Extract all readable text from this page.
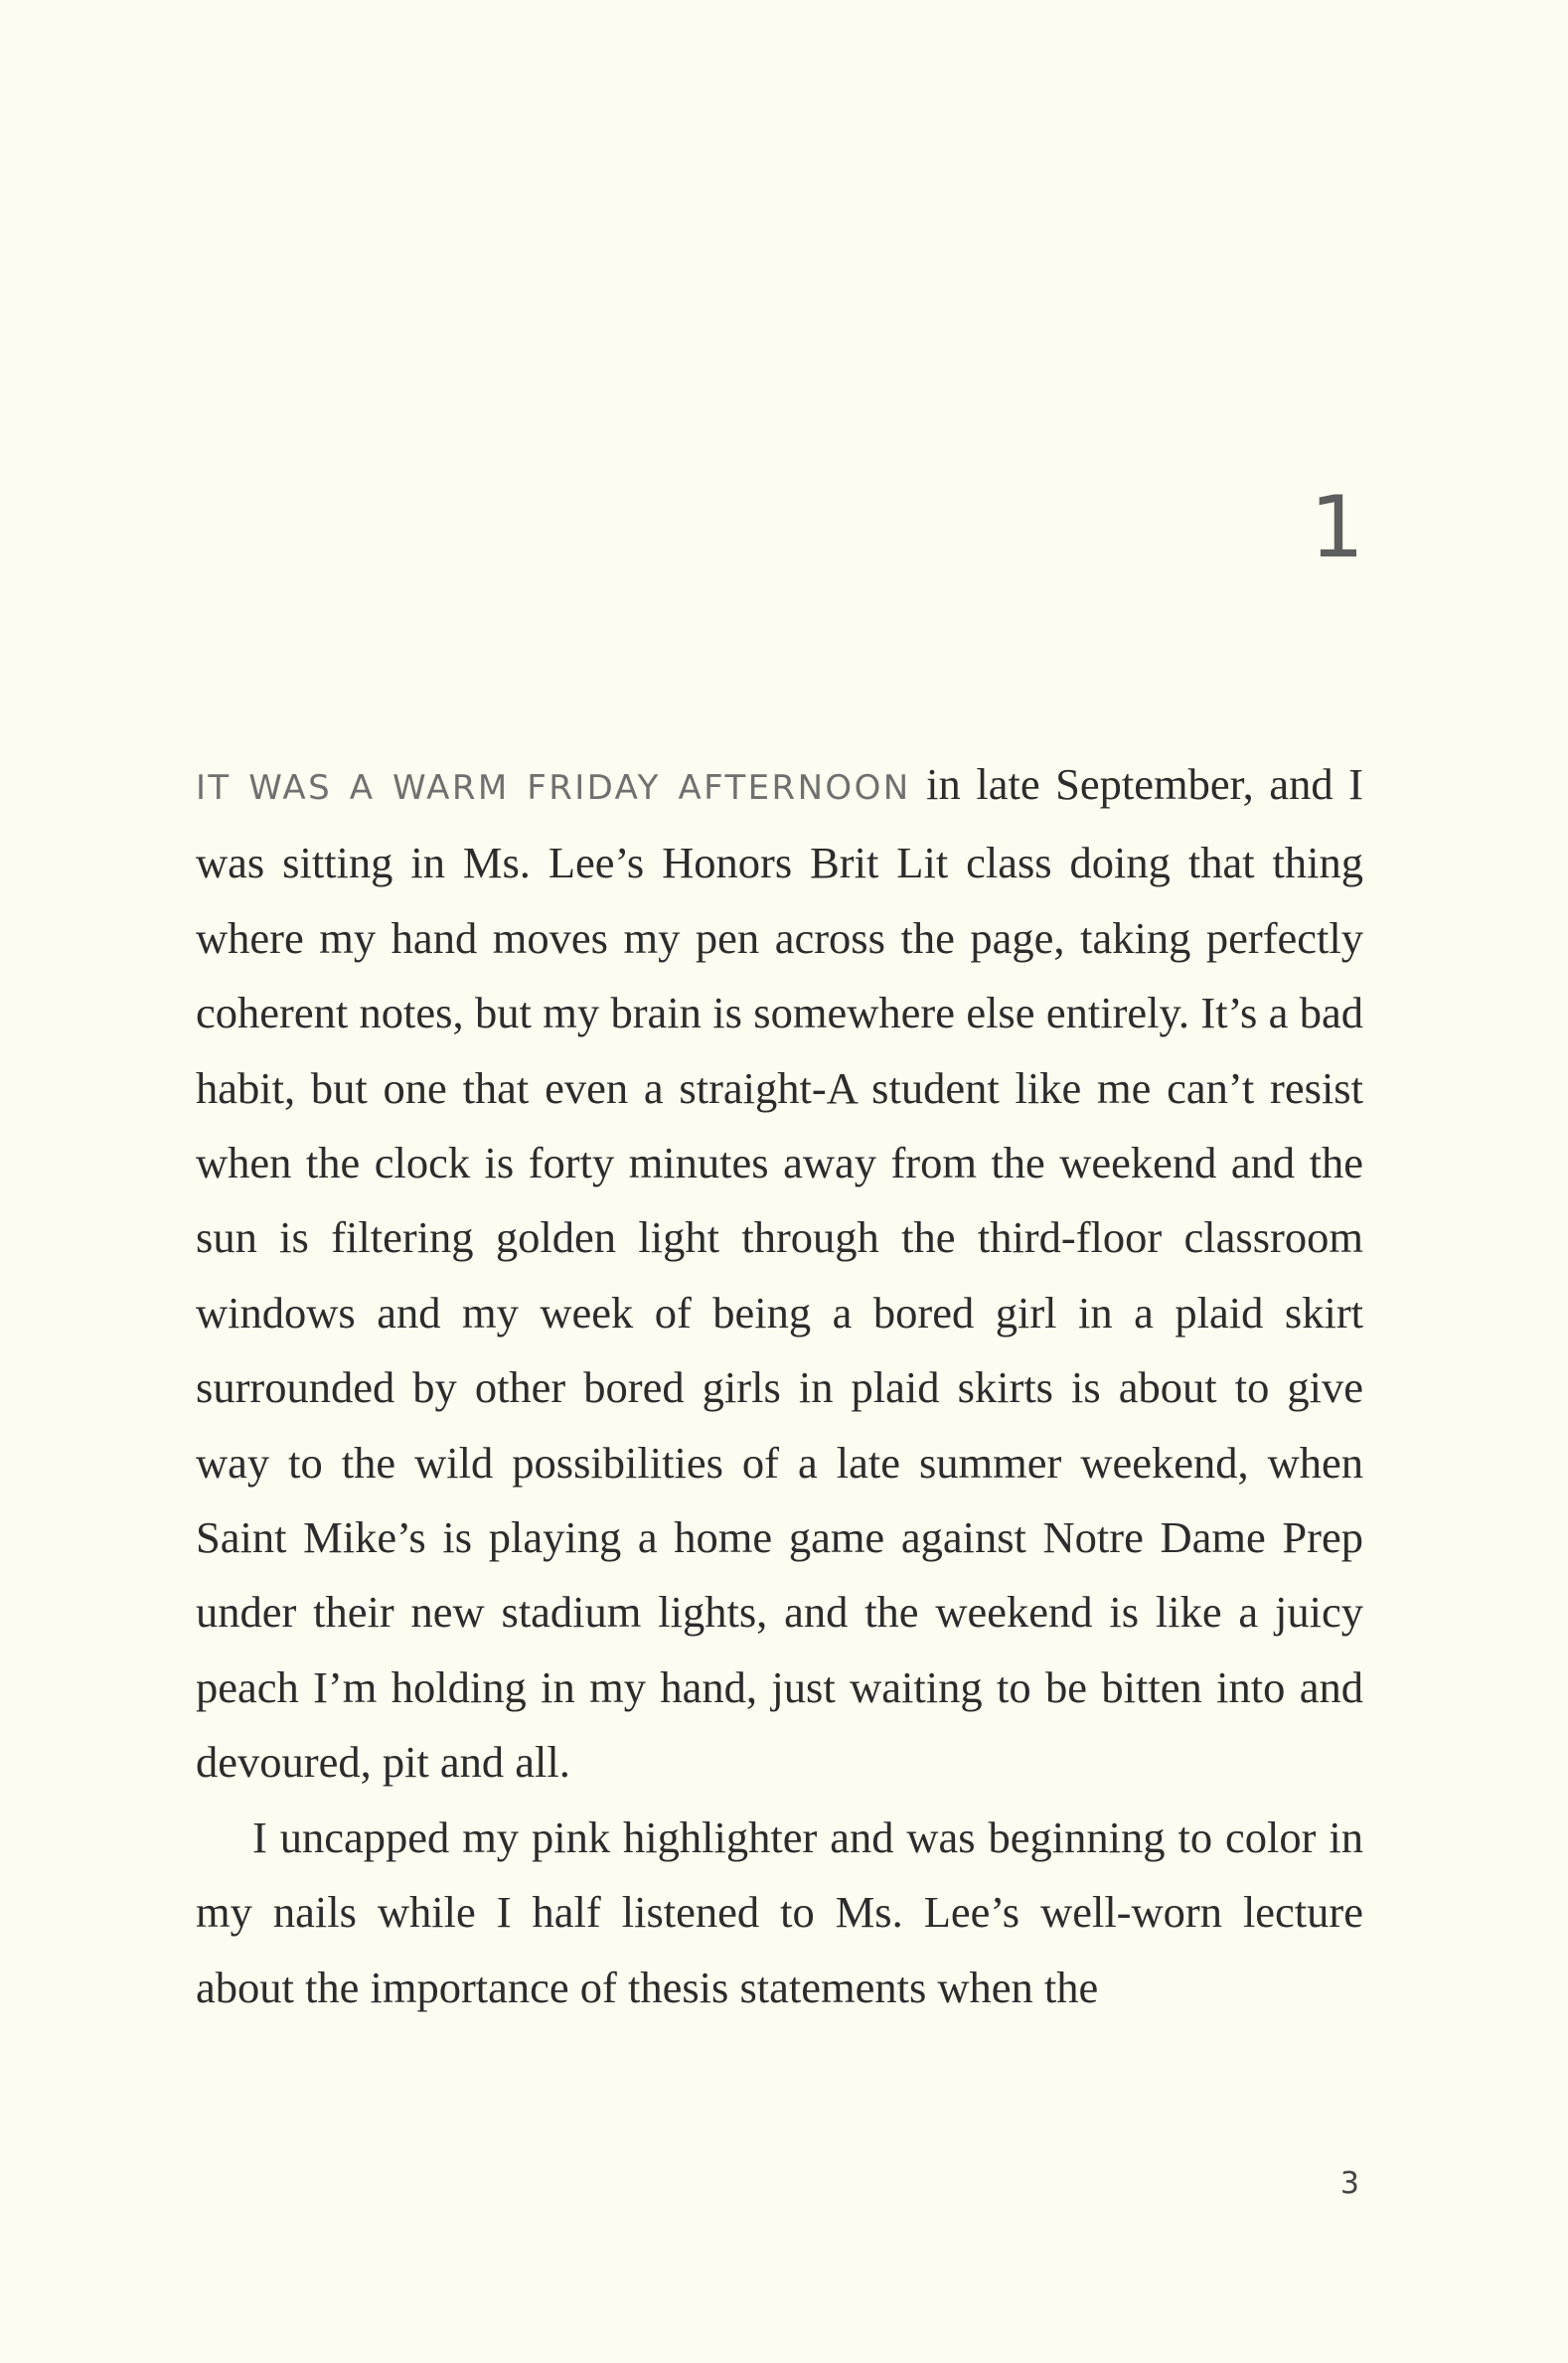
1

IT WAS A WARM FRIDAY AFTERNOON in late September, and I was sitting in Ms. Lee’s Honors Brit Lit class doing that thing where my hand moves my pen across the page, taking perfectly coherent notes, but my brain is somewhere else entirely. It’s a bad habit, but one that even a straight-A student like me can’t resist when the clock is forty minutes away from the weekend and the sun is filtering golden light through the third-floor classroom windows and my week of being a bored girl in a plaid skirt surrounded by other bored girls in plaid skirts is about to give way to the wild possibilities of a late summer weekend, when Saint Mike’s is playing a home game against Notre Dame Prep under their new stadium lights, and the weekend is like a juicy peach I’m holding in my hand, just waiting to be bitten into and devoured, pit and all.

I uncapped my pink highlighter and was beginning to color in my nails while I half listened to Ms. Lee’s well-worn lecture about the importance of thesis statements when the

3
